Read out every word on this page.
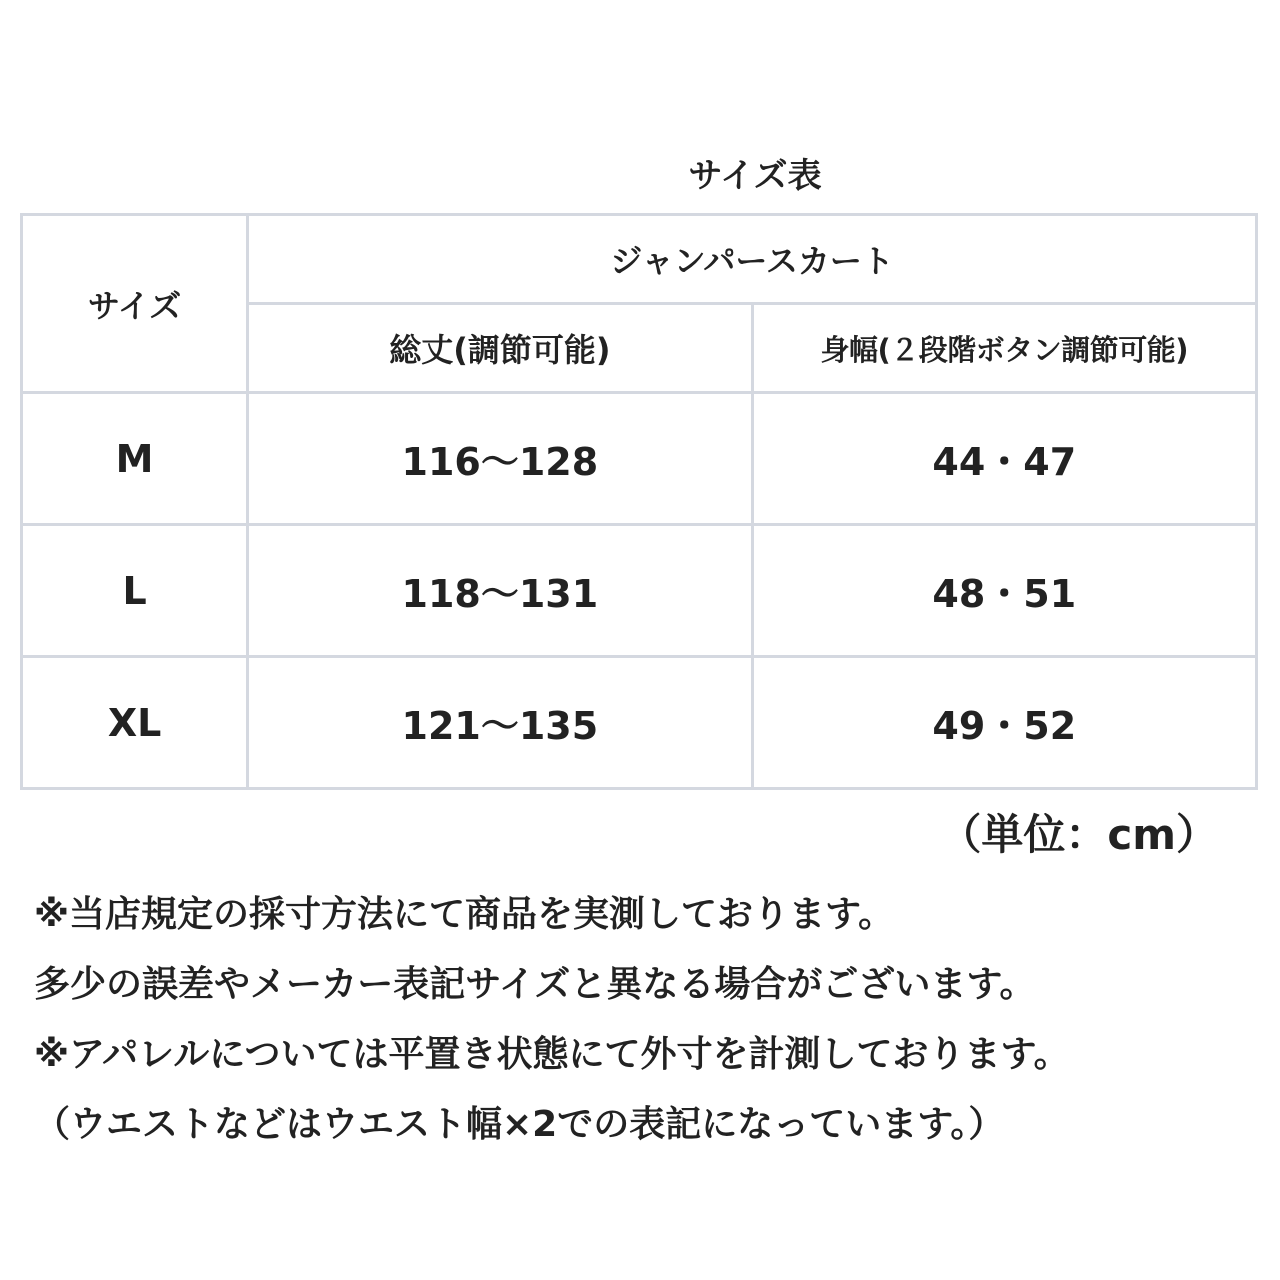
サイズ表
サイズ	ジャンパースカート	
	総丈(調節可能)	身幅(２段階ボタン調節可能)
M	116〜128	44・47
L	118〜131	48・51
XL	121〜135	49・52
（単位：cm）
※当店規定の採寸方法にて商品を実測しております。
多少の誤差やメーカー表記サイズと異なる場合がございます。
※アパレルについては平置き状態にて外寸を計測しております。
（ウエストなどはウエスト幅×2での表記になっています。）
